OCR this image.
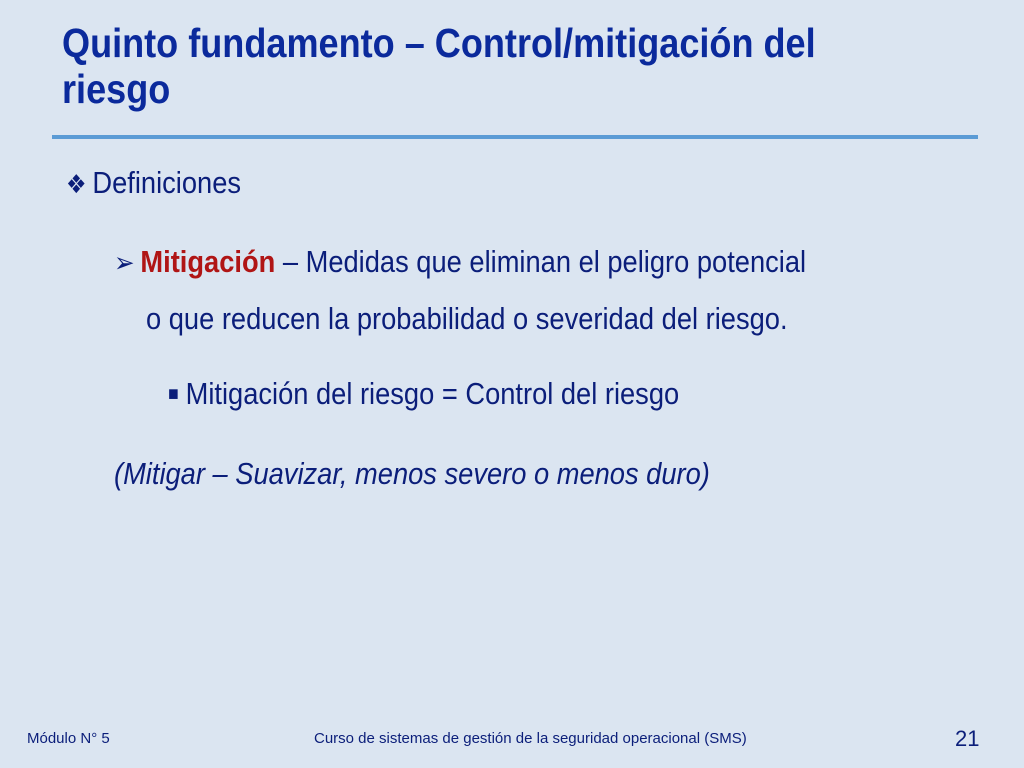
Quinto fundamento – Control/mitigación del
riesgo
❖ Definiciones
➢ Mitigación – Medidas que eliminan el peligro potencial
o que reducen la probabilidad o severidad del riesgo.
■ Mitigación del riesgo = Control del riesgo
(Mitigar – Suavizar, menos severo o menos duro)
Módulo N° 5	Curso de sistemas de gestión de la seguridad operacional (SMS)	21
